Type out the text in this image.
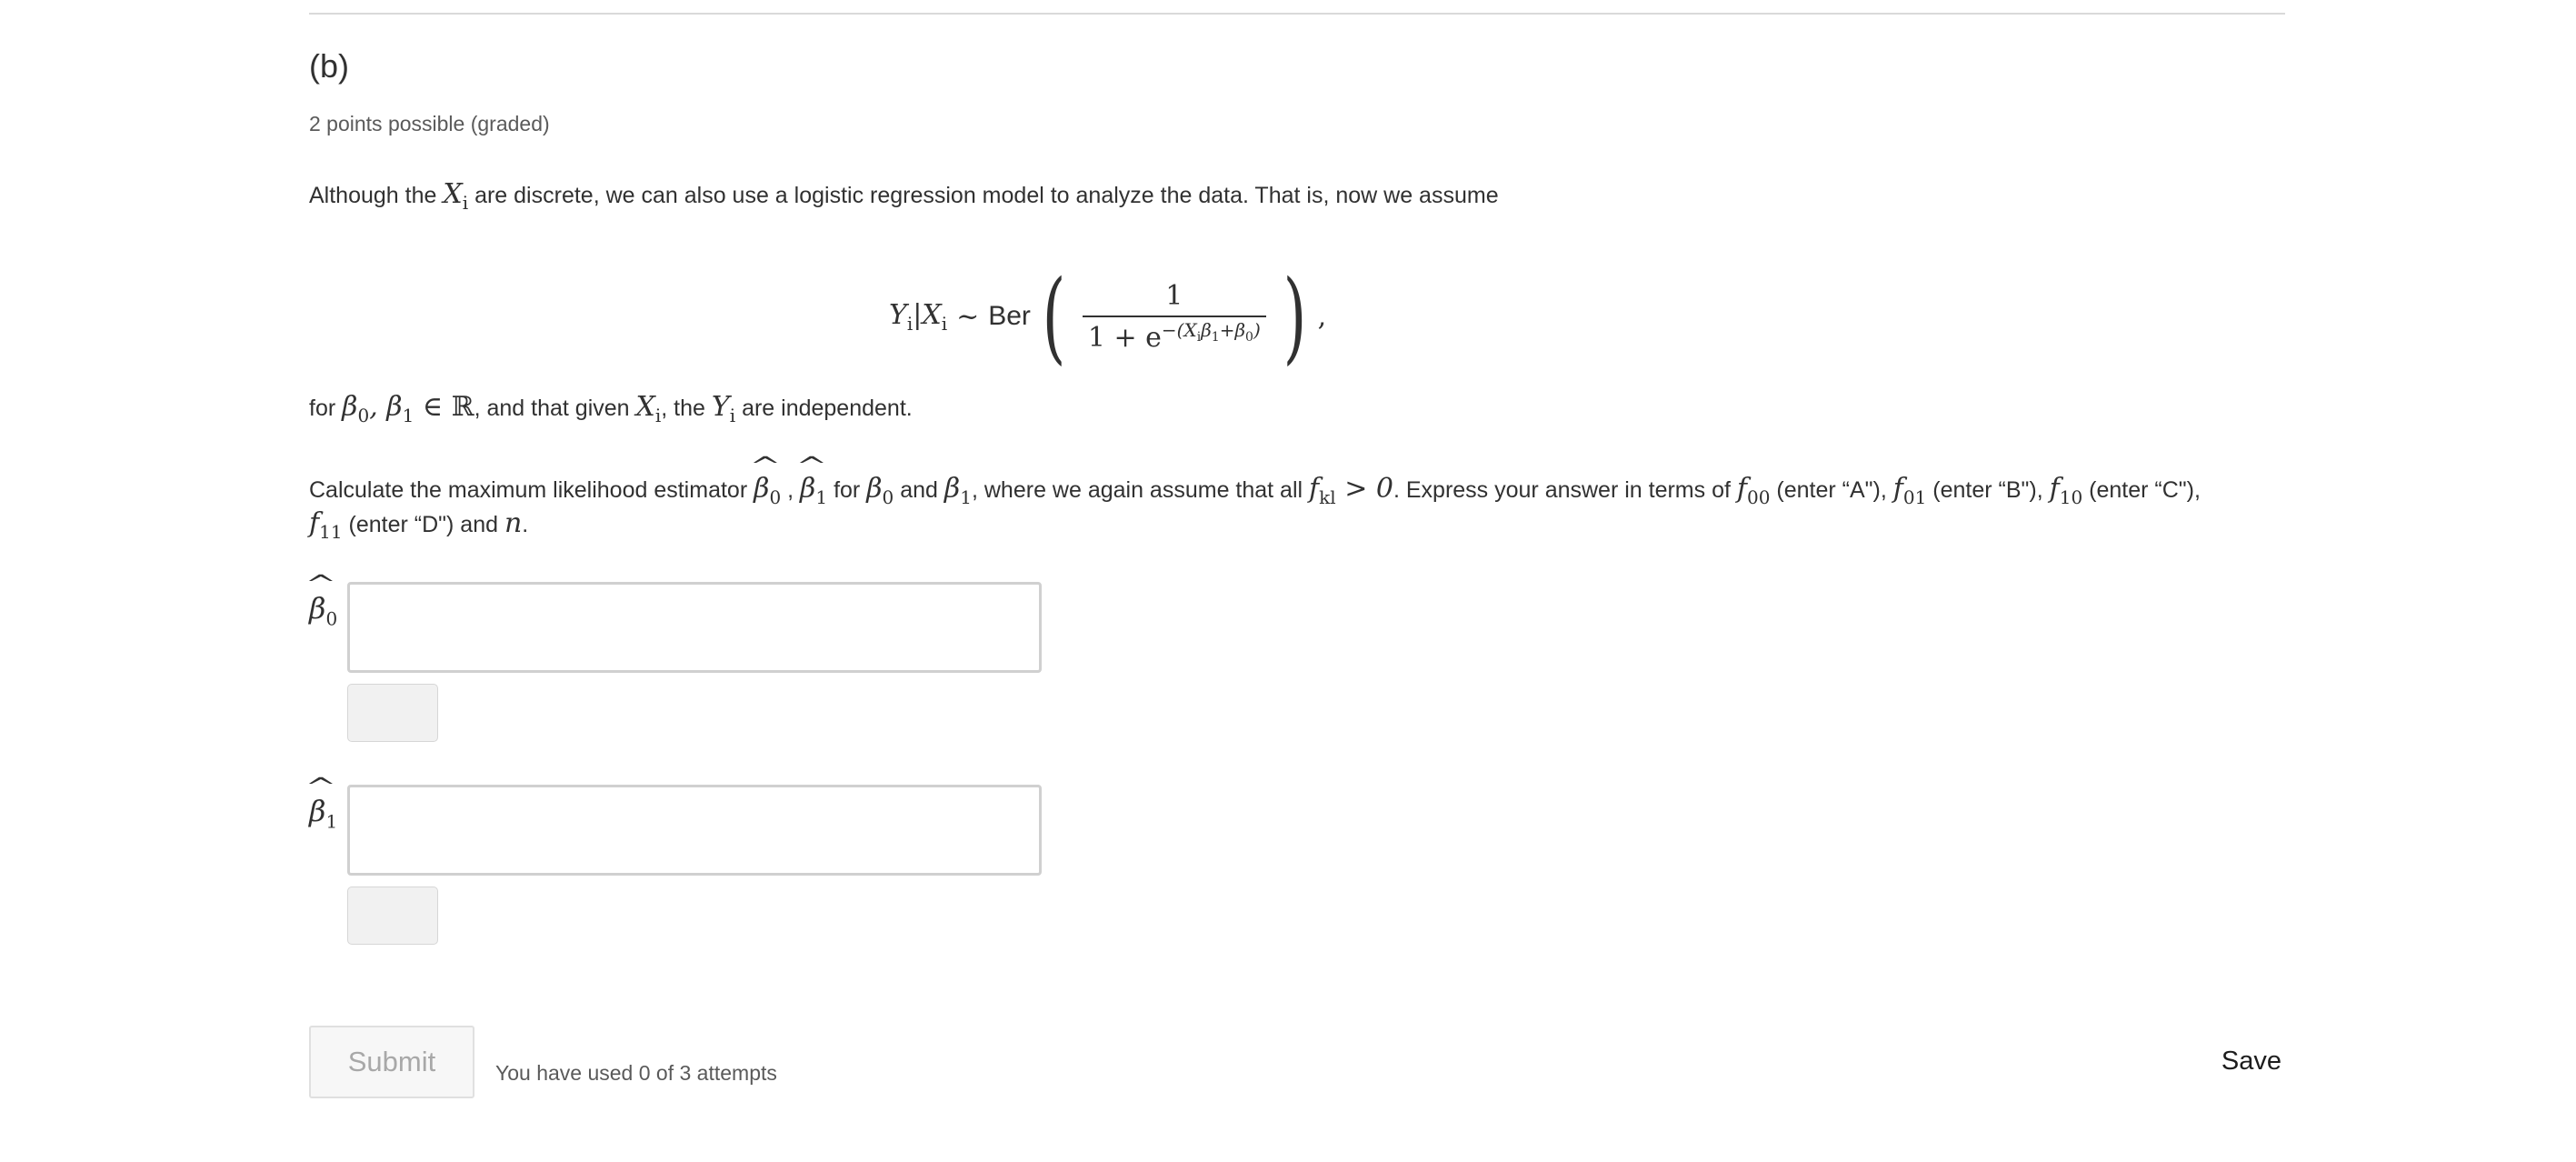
(b)
2 points possible (graded)
Although the $X_i$ are discrete, we can also use a logistic regression model to analyze the data. That is, now we assume
$Y_i$ $|X_i$ ~ Ber ( $\frac{1}{1 + e^{-(X_i\beta_1+\beta_0)}}$ ) ,
for $\beta_0$, $\beta_1$ ∈ ℝ, and that given $X_i$, the $Y_i$ are independent.
Calculate the maximum likelihood estimator ^ $\beta_0$ , ^ $\beta_1$ for $\beta_0$ and $\beta_1$, where we again assume that all $f_{kl} > 0$. Express your answer in terms of $f_{00}$ (enter “A"), $f_{01}$ (enter “B"), $f_{10}$ (enter “C"),
$f_{11}$ (enter “D") and n.
^ $\beta_0$
^ $\beta_1$
Submit	You have used 0 of 3 attempts	Save
